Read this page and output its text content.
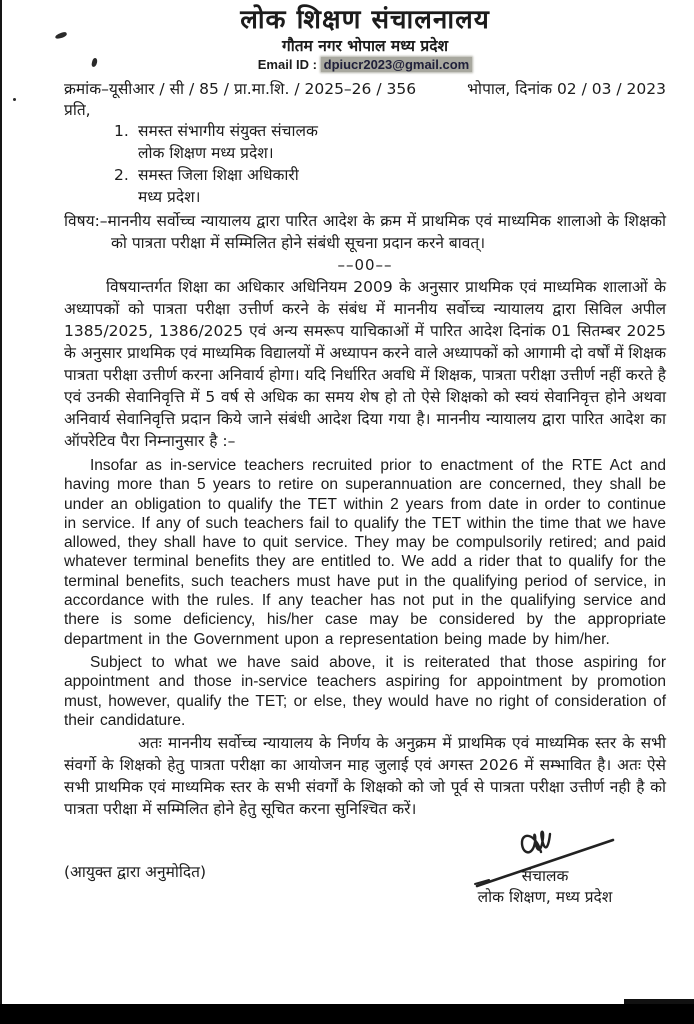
लोक शिक्षण संचालनालय
गौतम नगर भोपाल मध्य प्रदेश
Email ID : dpiucr2023@gmail.com
क्रमांक–यूसीआर / सी / 85 / प्रा.मा.शि. / 2025–26 / 356	भोपाल, दिनांक 02 / 03 / 2023
प्रति,
1. समस्त संभागीय संयुक्त संचालक
लोक शिक्षण मध्य प्रदेश।
2. समस्त जिला शिक्षा अधिकारी
मध्य प्रदेश।
विषय:–माननीय सर्वोच्च न्यायालय द्वारा पारित आदेश के क्रम में प्राथमिक एवं माध्यमिक शालाओ के शिक्षको को पात्रता परीक्षा में सम्मिलित होने संबंधी सूचना प्रदान करने बावत्।
––00––

विषयान्तर्गत शिक्षा का अधिकार अधिनियम 2009 के अनुसार प्राथमिक एवं माध्यमिक शालाओं के अध्यापकों को पात्रता परीक्षा उत्तीर्ण करने के संबंध में माननीय सर्वोच्च न्यायालय द्वारा सिविल अपील 1385/2025, 1386/2025 एवं अन्य समरूप याचिकाओं में पारित आदेश दिनांक 01 सितम्बर 2025 के अनुसार प्राथमिक एवं माध्यमिक विद्यालयों में अध्यापन करने वाले अध्यापकों को आगामी दो वर्षों में शिक्षक पात्रता परीक्षा उत्तीर्ण करना अनिवार्य होगा। यदि निर्धारित अवधि में शिक्षक, पात्रता परीक्षा उत्तीर्ण नहीं करते है एवं उनकी सेवानिवृत्ति में 5 वर्ष से अधिक का समय शेष हो तो ऐसे शिक्षको को स्वयं सेवानिवृत्त होने अथवा अनिवार्य सेवानिवृत्ति प्रदान किये जाने संबंधी आदेश दिया गया है। माननीय न्यायालय द्वारा पारित आदेश का ऑपरेटिव पैरा निम्नानुसार है :–

Insofar as in-service teachers recruited prior to enactment of the RTE Act and having more than 5 years to retire on superannuation are concerned, they shall be under an obligation to qualify the TET within 2 years from date in order to continue in service. If any of such teachers fail to qualify the TET within the time that we have allowed, they shall have to quit service. They may be compulsorily retired; and paid whatever terminal benefits they are entitled to. We add a rider that to qualify for the terminal benefits, such teachers must have put in the qualifying period of service, in accordance with the rules. If any teacher has not put in the qualifying service and there is some deficiency, his/her case may be considered by the appropriate department in the Government upon a representation being made by him/her.

Subject to what we have said above, it is reiterated that those aspiring for appointment and those in-service teachers aspiring for appointment by promotion must, however, qualify the TET; or else, they would have no right of consideration of their candidature.

अतः माननीय सर्वोच्च न्यायालय के निर्णय के अनुक्रम में प्राथमिक एवं माध्यमिक स्तर के सभी संवर्गो के शिक्षको हेतु पात्रता परीक्षा का आयोजन माह जुलाई एवं अगस्त 2026 में सम्भावित है। अतः ऐसे सभी प्राथमिक एवं माध्यमिक स्तर के सभी संवर्गों के शिक्षको को जो पूर्व से पात्रता परीक्षा उत्तीर्ण नही है को पात्रता परीक्षा में सम्मिलित होने हेतु सूचित करना सुनिश्चित करें।

(आयुक्त द्वारा अनुमोदित)	संचालक
लोक शिक्षण, मध्य प्रदेश
